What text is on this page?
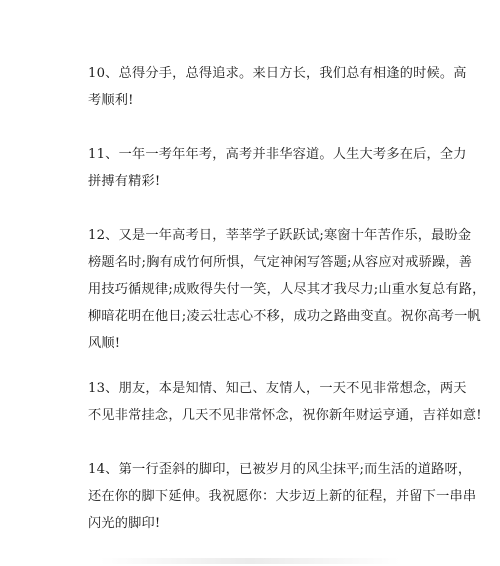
10、总得分手，总得追求。来日方长，我们总有相逢的时候。高
考顺利!

11、一年一考年年考，高考并非华容道。人生大考多在后，全力
拼搏有精彩!

12、又是一年高考日，莘莘学子跃跃试;寒窗十年苦作乐，最盼金
榜题名时;胸有成竹何所惧，气定神闲写答题;从容应对戒骄躁，善
用技巧循规律;成败得失付一笑，人尽其才我尽力;山重水复总有路，
柳暗花明在他日;凌云壮志心不移，成功之路曲变直。祝你高考一帆
风顺!

13、朋友，本是知情、知己、友情人，一天不见非常想念，两天
不见非常挂念，几天不见非常怀念，祝你新年财运亨通，吉祥如意!

14、第一行歪斜的脚印，已被岁月的风尘抹平;而生活的道路呀，
还在你的脚下延伸。我祝愿你：大步迈上新的征程，并留下一串串
闪光的脚印!
